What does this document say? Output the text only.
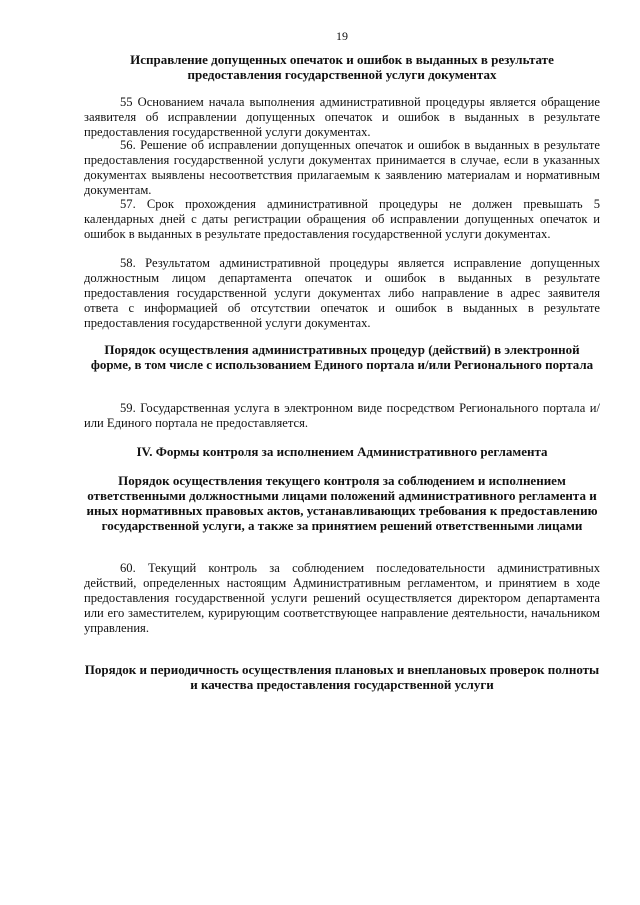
19
Исправление допущенных опечаток и ошибок в выданных в результате предоставления государственной услуги документах
55 Основанием начала выполнения административной процедуры является обращение заявителя об исправлении допущенных опечаток и ошибок в выданных в результате предоставления государственной услуги документах.
56. Решение об исправлении допущенных опечаток и ошибок в выданных в результате предоставления государственной услуги документах принимается в случае, если в указанных документах выявлены несоответствия прилагаемым к заявлению материалам и нормативным документам.
57. Срок прохождения административной процедуры не должен превышать 5 календарных дней с даты регистрации обращения об исправлении допущенных опечаток и ошибок в выданных в результате предоставления государственной услуги документах.
58. Результатом административной процедуры является исправление допущенных должностным лицом департамента опечаток и ошибок в выданных в результате предоставления государственной услуги документах либо направление в адрес заявителя ответа с информацией об отсутствии опечаток и ошибок в выданных в результате предоставления государственной услуги документах.
Порядок осуществления административных процедур (действий) в электронной форме, в том числе с использованием Единого портала и/или Регионального портала
59. Государственная услуга в электронном виде посредством Регионального портала и/или Единого портала не предоставляется.
IV. Формы контроля за исполнением Административного регламента
Порядок осуществления текущего контроля за соблюдением и исполнением ответственными должностными лицами положений административного регламента и иных нормативных правовых актов, устанавливающих требования к предоставлению государственной услуги, а также за принятием решений ответственными лицами
60. Текущий контроль за соблюдением последовательности административных действий, определенных настоящим Административным регламентом, и принятием в ходе предоставления государственной услуги решений осуществляется директором департамента или его заместителем, курирующим соответствующее направление деятельности, начальником управления.
Порядок и периодичность осуществления плановых и внеплановых проверок полноты и качества предоставления государственной услуги
